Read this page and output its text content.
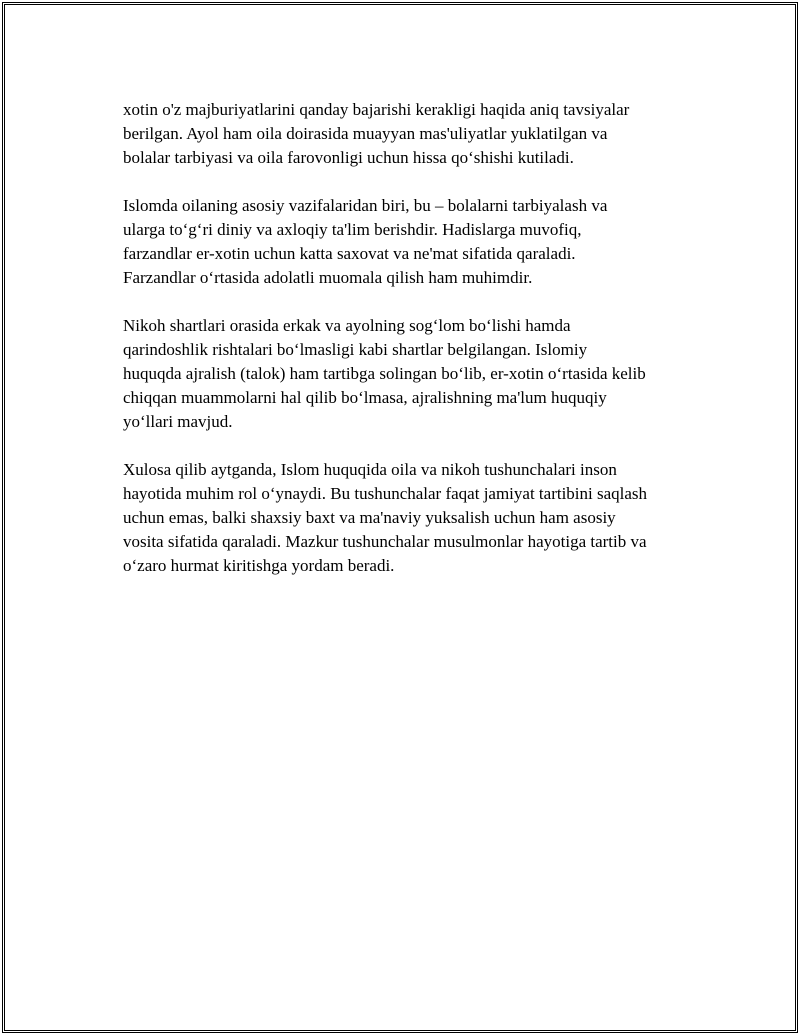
xotin o'z majburiyatlarini qanday bajarishi kerakligi haqida aniq tavsiyalar
berilgan. Ayol ham oila doirasida muayyan mas'uliyatlar yuklatilgan va
bolalar tarbiyasi va oila farovonligi uchun hissa qo‘shishi kutiladi.

Islomda oilaning asosiy vazifalaridan biri, bu – bolalarni tarbiyalash va
ularga to‘g‘ri diniy va axloqiy ta'lim berishdir. Hadislarga muvofiq,
farzandlar er-xotin uchun katta saxovat va ne'mat sifatida qaraladi.
Farzandlar o‘rtasida adolatli muomala qilish ham muhimdir.

Nikoh shartlari orasida erkak va ayolning sog‘lom bo‘lishi hamda
qarindoshlik rishtalari bo‘lmasligi kabi shartlar belgilangan. Islomiy
huquqda ajralish (talok) ham tartibga solingan bo‘lib, er-xotin o‘rtasida kelib
chiqqan muammolarni hal qilib bo‘lmasa, ajralishning ma'lum huquqiy
yo‘llari mavjud.

Xulosa qilib aytganda, Islom huquqida oila va nikoh tushunchalari inson
hayotida muhim rol o‘ynaydi. Bu tushunchalar faqat jamiyat tartibini saqlash
uchun emas, balki shaxsiy baxt va ma'naviy yuksalish uchun ham asosiy
vosita sifatida qaraladi. Mazkur tushunchalar musulmonlar hayotiga tartib va
o‘zaro hurmat kiritishga yordam beradi.
